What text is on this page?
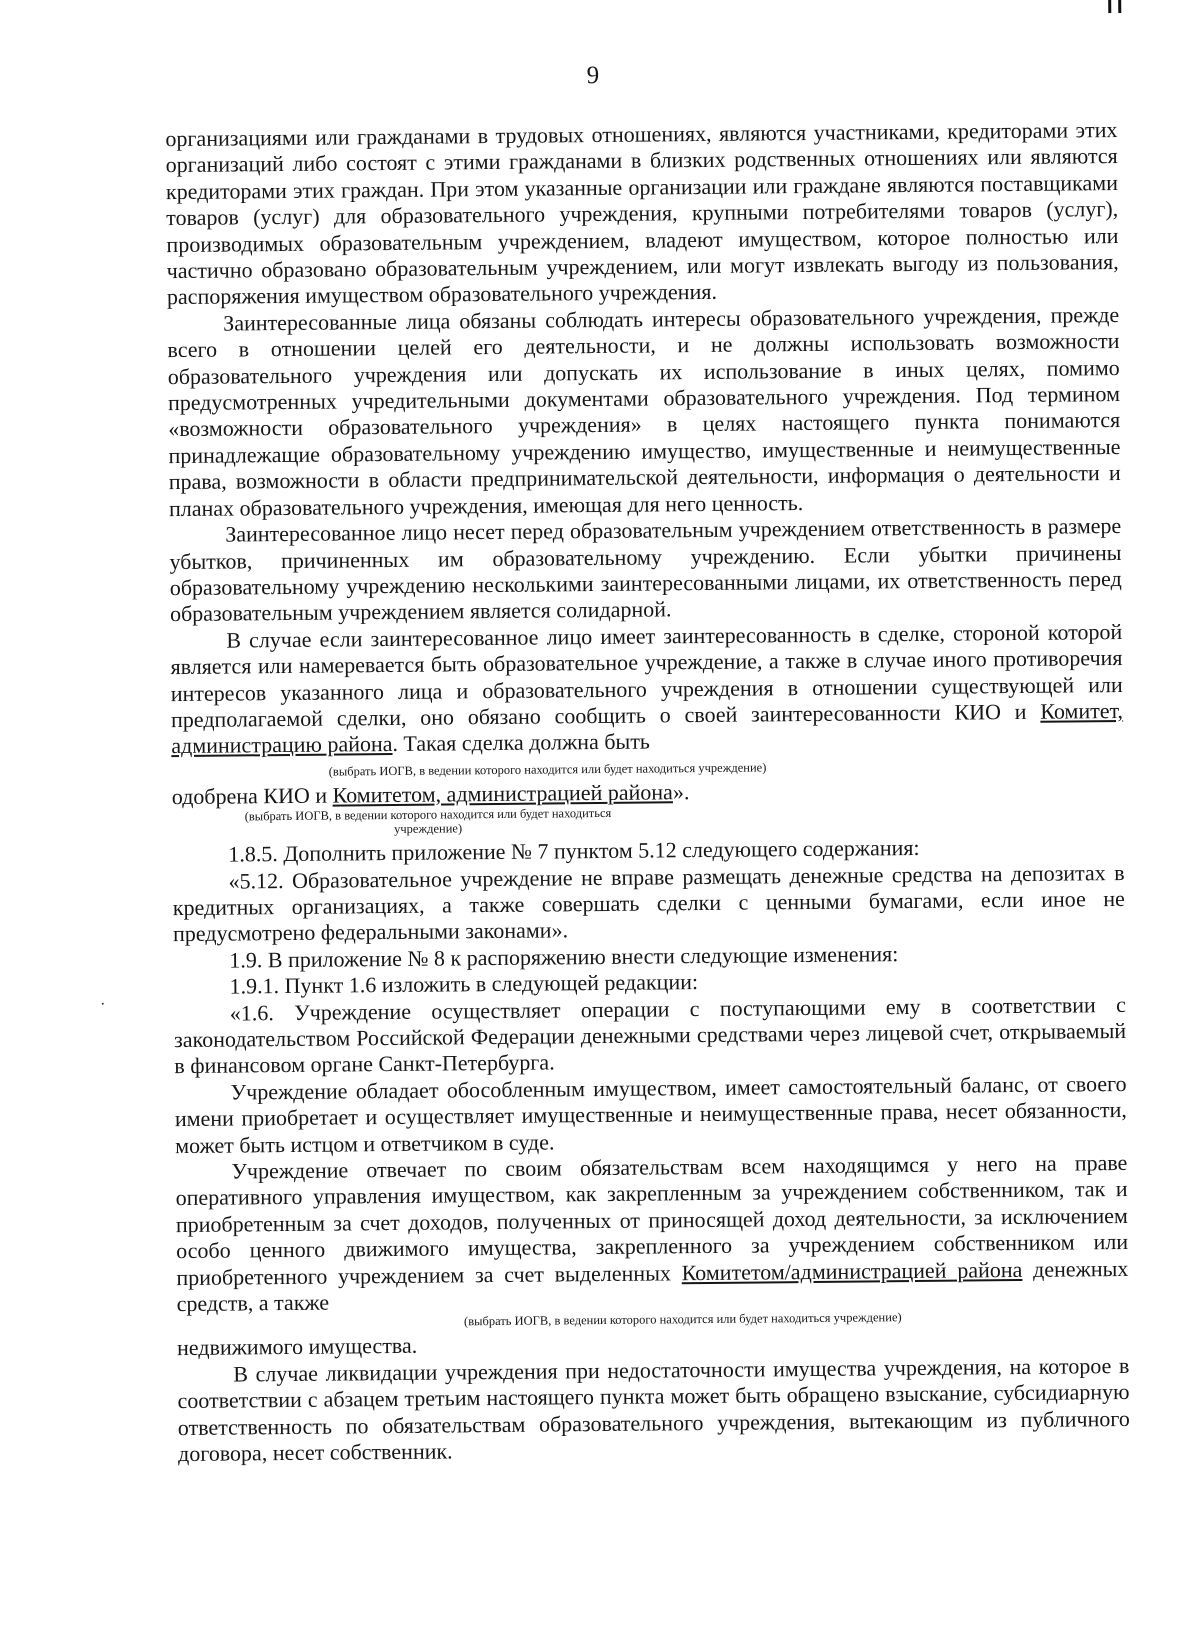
9

организациями или гражданами в трудовых отношениях, являются участниками, кредиторами этих организаций либо состоят с этими гражданами в близких родственных отношениях или являются кредиторами этих граждан. При этом указанные организации или граждане являются поставщиками товаров (услуг) для образовательного учреждения, крупными потребителями товаров (услуг), производимых образовательным учреждением, владеют имуществом, которое полностью или частично образовано образовательным учреждением, или могут извлекать выгоду из пользования, распоряжения имуществом образовательного учреждения.

Заинтересованные лица обязаны соблюдать интересы образовательного учреждения, прежде всего в отношении целей его деятельности, и не должны использовать возможности образовательного учреждения или допускать их использование в иных целях, помимо предусмотренных учредительными документами образовательного учреждения. Под термином «возможности образовательного учреждения» в целях настоящего пункта понимаются принадлежащие образовательному учреждению имущество, имущественные и неимущественные права, возможности в области предпринимательской деятельности, информация о деятельности и планах образовательного учреждения, имеющая для него ценность.

Заинтересованное лицо несет перед образовательным учреждением ответственность в размере убытков, причиненных им образовательному учреждению. Если убытки причинены образовательному учреждению несколькими заинтересованными лицами, их ответственность перед образовательным учреждением является солидарной.

В случае если заинтересованное лицо имеет заинтересованность в сделке, стороной которой является или намеревается быть образовательное учреждение, а также в случае иного противоречия интересов указанного лица и образовательного учреждения в отношении существующей или предполагаемой сделки, оно обязано сообщить о своей заинтересованности КИО и Комитет, администрацию района. Такая сделка должна быть

(выбрать ИОГВ, в ведении которого находится или будет находиться учреждение)

одобрена КИО и Комитетом, администрацией района».

(выбрать ИОГВ, в ведении которого находится или будет находиться учреждение)

1.8.5. Дополнить приложение № 7 пунктом 5.12 следующего содержания:

«5.12. Образовательное учреждение не вправе размещать денежные средства на депозитах в кредитных организациях, а также совершать сделки с ценными бумагами, если иное не предусмотрено федеральными законами».

1.9. В приложение № 8 к распоряжению внести следующие изменения:

1.9.1. Пункт 1.6 изложить в следующей редакции:

«1.6. Учреждение осуществляет операции с поступающими ему в соответствии с законодательством Российской Федерации денежными средствами через лицевой счет, открываемый в финансовом органе Санкт-Петербурга.

Учреждение обладает обособленным имуществом, имеет самостоятельный баланс, от своего имени приобретает и осуществляет имущественные и неимущественные права, несет обязанности, может быть истцом и ответчиком в суде.

Учреждение отвечает по своим обязательствам всем находящимся у него на праве оперативного управления имуществом, как закрепленным за учреждением собственником, так и приобретенным за счет доходов, полученных от приносящей доход деятельности, за исключением особо ценного движимого имущества, закрепленного за учреждением собственником или приобретенного учреждением за счет выделенных Комитетом/администрацией района денежных средств, а также

(выбрать ИОГВ, в ведении которого находится или будет находиться учреждение)

недвижимого имущества.

В случае ликвидации учреждения при недостаточности имущества учреждения, на которое в соответствии с абзацем третьим настоящего пункта может быть обращено взыскание, субсидиарную ответственность по обязательствам образовательного учреждения, вытекающим из публичного договора, несет собственник.
